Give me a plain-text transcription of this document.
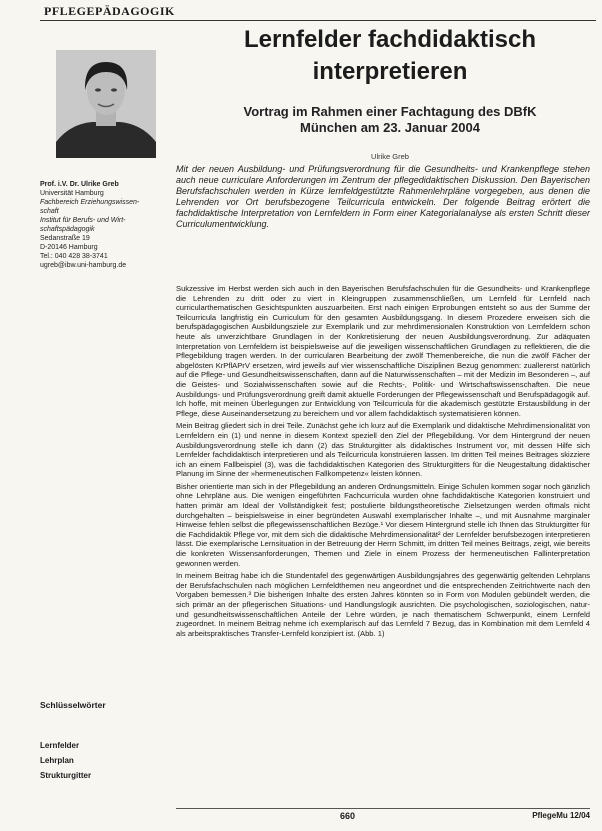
PFLEGEPÄDAGOGIK
Lernfelder fachdidaktisch
interpretieren
Vortrag im Rahmen einer Fachtagung des DBfK
München am 23. Januar 2004
Ulrike Greb

Mit der neuen Ausbildung- und Prüfungsverordnung für die Gesundheits- und Krankenpflege stehen auch neue curriculare Anforderungen im Zentrum der pflegedidaktischen Diskussion. Den Bayerischen Berufsfachschulen werden in Kürze lernfeldgestützte Rahmenlehrpläne vorgegeben, aus denen die Lehrenden vor Ort berufsbezogene Teilcurricula entwickeln. Der folgende Beitrag erörtert die fachdidaktische Interpretation von Lernfeldern in Form einer Kategorialanalyse als ersten Schritt dieser Curriculumentwicklung.

Prof. i.V. Dr. Ulrike Greb
Universität Hamburg
Fachbereich Erziehungswissen-
schaft
Institut für Berufs- und Wirt-
schaftspädagogik
Sedanstraße 19
D-20146 Hamburg
Tel.: 040 428 38-3741
ugreb@ibw.uni-hamburg.de

Sukzessive im Herbst werden sich auch in den Bayerischen Berufsfachschulen für die Gesundheits- und Krankenpflege die Lehrenden zu dritt oder zu viert in Kleingruppen zusammenschließen, um Lernfeld für Lernfeld nach curricularthematischen Gesichtspunkten auszuarbeiten. Erst nach einigen Erprobungen entsteht so aus der Summe der Teilcurricula langfristig ein Curriculum für den gesamten Ausbildungsgang. In diesem Prozedere erweisen sich die berufspädagogischen Ausbildungsziele zur Exemplarik und zur mehrdimensionalen Konstruktion von Lernfeldern schon heute als unverzichtbare Grundlagen in der Konkretisierung der neuen Ausbildungsverordnung. Zur adäquaten Interpretation von Lernfeldern ist beispielsweise auf die jeweiligen wissenschaftlichen Grundlagen zu reflektieren, die die Pflegebildung tragen werden. In der curricularen Bearbeitung der zwölf Themenbereiche, die nun die zwölf Fächer der abgelösten KrPflAPrV ersetzen, wird jeweils auf vier wissenschaftliche Disziplinen Bezug genommen: zuallererst natürlich auf die Pflege- und Gesundheitswissenschaften, dann auf die Naturwissenschaften – mit der Medizin im Besonderen –, auf die Geistes- und Sozialwissenschaften sowie auf die Rechts-, Politik- und Wirtschaftswissenschaften. Die neue Ausbildungs- und Prüfungsverordnung greift damit aktuelle Forderungen der Pflegewissenschaft und Berufspädagogik auf. Ich hoffe, mit meinen Überlegungen zur Entwicklung von Teilcurricula für die akademisch gestützte Erstausbildung in der Pflege, diese Auseinandersetzung zu bereichern und vor allem fachdidaktisch systematisieren können.

Mein Beitrag gliedert sich in drei Teile. Zunächst gehe ich kurz auf die Exemplarik und didaktische Mehrdimensionalität von Lernfeldern ein (1) und nenne in diesem Kontext speziell den Ziel der Pflegebildung. Vor dem Hintergrund der neuen Ausbildungsverordnung stelle ich dann (2) das Strukturgitter als didaktisches Instrument vor, mit dessen Hilfe sich Lernfelder fachdidaktisch interpretieren und als Teilcurricula konstruieren lassen. Im dritten Teil meines Beitrages skizziere ich an einem Fallbeispiel (3), was die fachdidaktischen Kategorien des Strukturgitters für die Neugestaltung didaktischer Planung im Sinne der »hermeneutischen Fallkompetenz« leisten können.

Bisher orientierte man sich in der Pflegebildung an anderen Ordnungsmitteln. Einige Schulen kommen sogar noch gänzlich ohne Lehrpläne aus. Die wenigen eingeführten Fachcurricula wurden ohne fachdidaktische Kategorien konstruiert und hatten primär am Ideal der Vollständigkeit fest; postulierte bildungstheoretische Zielsetzungen werden oftmals nicht durchgehalten – beispielsweise in einer begründeten Auswahl exemplarischer Inhalte –, und mit Ausnahme marginaler Hinweise fehlen selbst die pflegewissenschaftlichen Bezüge.¹ Vor diesem Hintergrund stelle ich Ihnen das Strukturgitter für die Fachdidaktik Pflege vor, mit dem sich die didaktische Mehrdimensionalität² der Lernfelder berufsbezogen interpretieren lässt. Die exemplarische Lernsituation in der Betreuung der Herrn Schmitt, im dritten Teil meines Beitrags, zeigt, wie bereits die konkreten Wissensanforderungen, Themen und Ziele in einem Prozess der hermeneutischen Fallinterpretation gewonnen werden.

In meinem Beitrag habe ich die Stundentafel des gegenwärtigen Ausbildungsjahres des gegenwärtig geltenden Lehrplans der Berufsfachschulen nach möglichen Lernfeldthemen neu angeordnet und die entsprechenden Zeitrichtwerte nach den Vorgaben bemessen.³ Die bisherigen Inhalte des ersten Jahres könnten so in Form von Modulen gebündelt werden, die sich primär an der pflegerischen Situations- und Handlungslogik ausrichten. Die psychologischen, soziologischen, natur- und gesundheitswissenschaftlichen Anteile der Lehre würden, je nach thematischem Schwerpunkt, einem Lernfeld zugeordnet. In meinem Beitrag nehme ich exemplarisch auf das Lernfeld 7 Bezug, das in Kombination mit dem Lernfeld 4 als arbeitspraktisches Transfer-Lernfeld konzipiert ist. (Abb. 1)

Schlüsselwörter
Lernfelder
Lehrplan
Strukturgitter
660	PflegeMu 12/04
